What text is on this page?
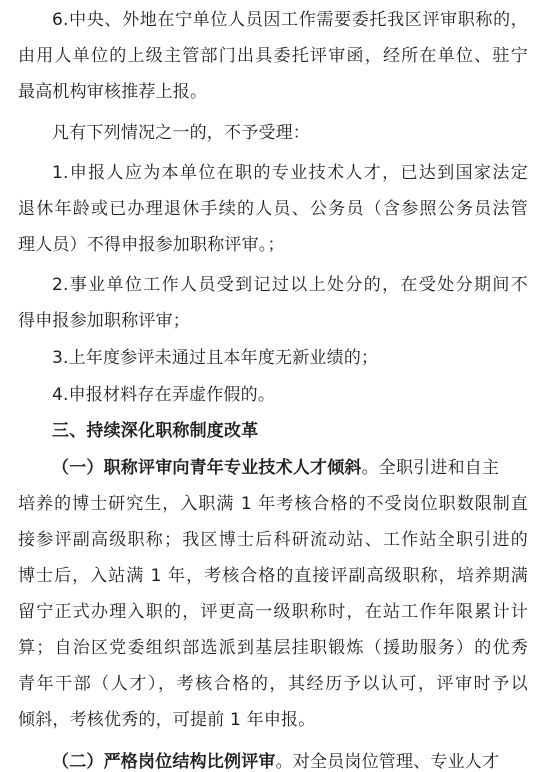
6.中央、外地在宁单位人员因工作需要委托我区评审职称的，
由用人单位的上级主管部门出具委托评审函，经所在单位、驻宁
最高机构审核推荐上报。
凡有下列情况之一的，不予受理：
1.申报人应为本单位在职的专业技术人才，已达到国家法定
退休年龄或已办理退休手续的人员、公务员（含参照公务员法管
理人员）不得申报参加职称评审。；
2.事业单位工作人员受到记过以上处分的，在受处分期间不
得申报参加职称评审；
3.上年度参评未通过且本年度无新业绩的；
4.申报材料存在弄虚作假的。
三、持续深化职称制度改革
（一）职称评审向青年专业技术人才倾斜。全职引进和自主
培养的博士研究生，入职满 1 年考核合格的不受岗位职数限制直
接参评副高级职称；我区博士后科研流动站、工作站全职引进的
博士后，入站满 1 年，考核合格的直接评副高级职称，培养期满
留宁正式办理入职的，评更高一级职称时，在站工作年限累计计
算；自治区党委组织部选派到基层挂职锻炼（援助服务）的优秀
青年干部（人才），考核合格的，其经历予以认可，评审时予以
倾斜，考核优秀的，可提前 1 年申报。
（二）严格岗位结构比例评审。对全员岗位管理、专业人才
